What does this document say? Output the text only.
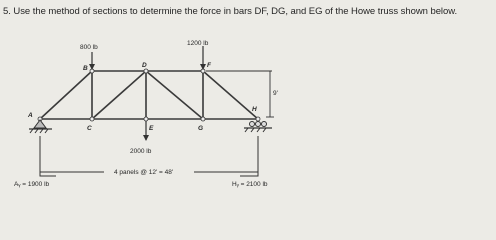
5. Use the method of sections to determine the force in bars DF, DG, and EG of the Howe truss shown below.
800 lb
1200 lb
2000 lb
A
B
C
D
E
F
G
H
9'
4 panels @ 12' = 48'
Aᵧ = 1900 lb	Hᵧ = 2100 lb
